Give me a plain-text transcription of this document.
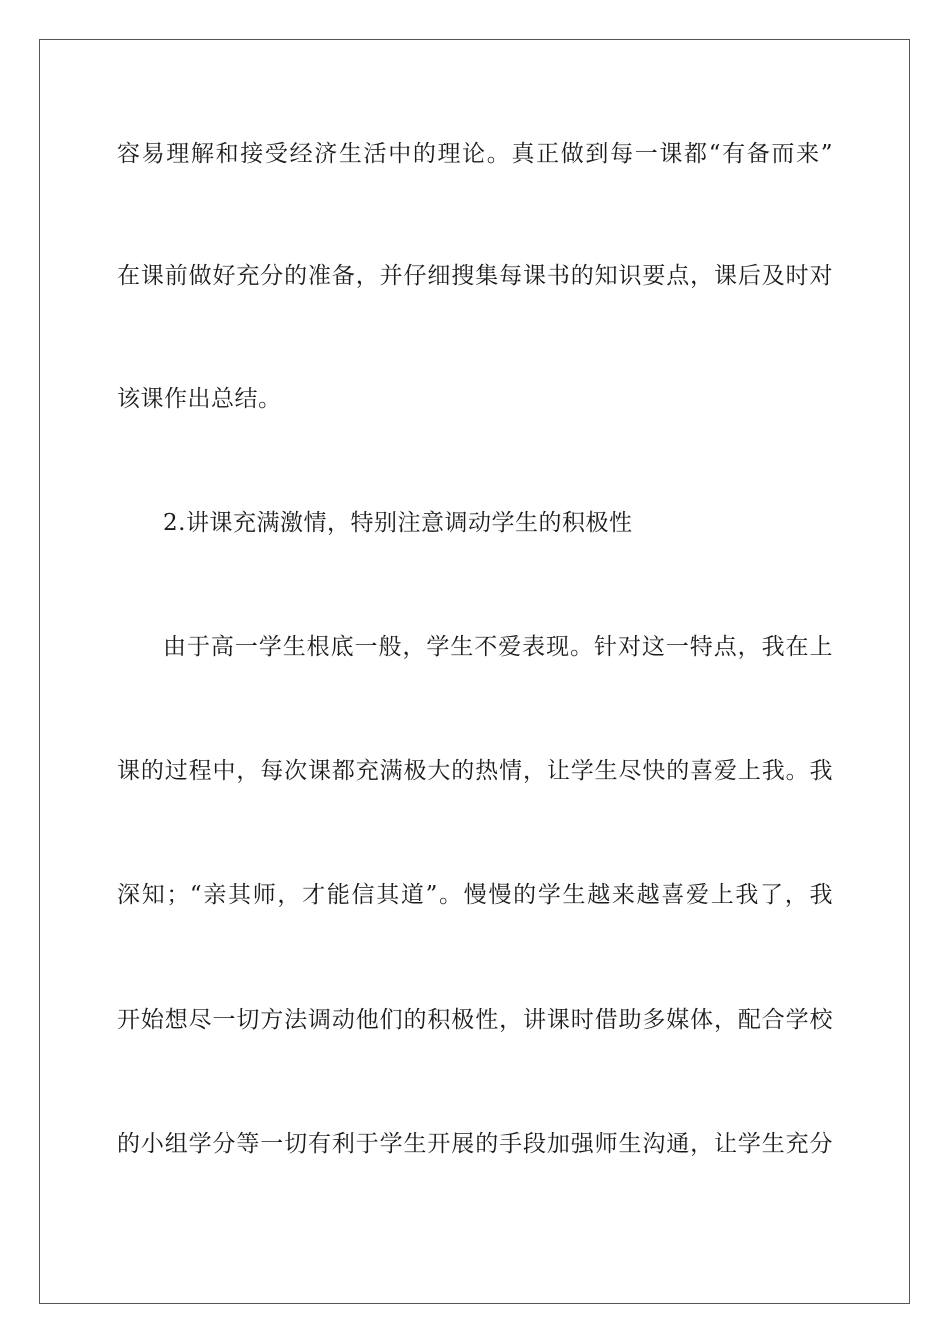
容易理解和接受经济生活中的理论。真正做到每一课都“有备而来”
在课前做好充分的准备，并仔细搜集每课书的知识要点，课后及时对
该课作出总结。
2.讲课充满激情，特别注意调动学生的积极性
由于高一学生根底一般，学生不爱表现。针对这一特点，我在上
课的过程中，每次课都充满极大的热情，让学生尽快的喜爱上我。我
深知；“亲其师，才能信其道”。慢慢的学生越来越喜爱上我了，我
开始想尽一切方法调动他们的积极性，讲课时借助多媒体，配合学校
的小组学分等一切有利于学生开展的手段加强师生沟通，让学生充分
